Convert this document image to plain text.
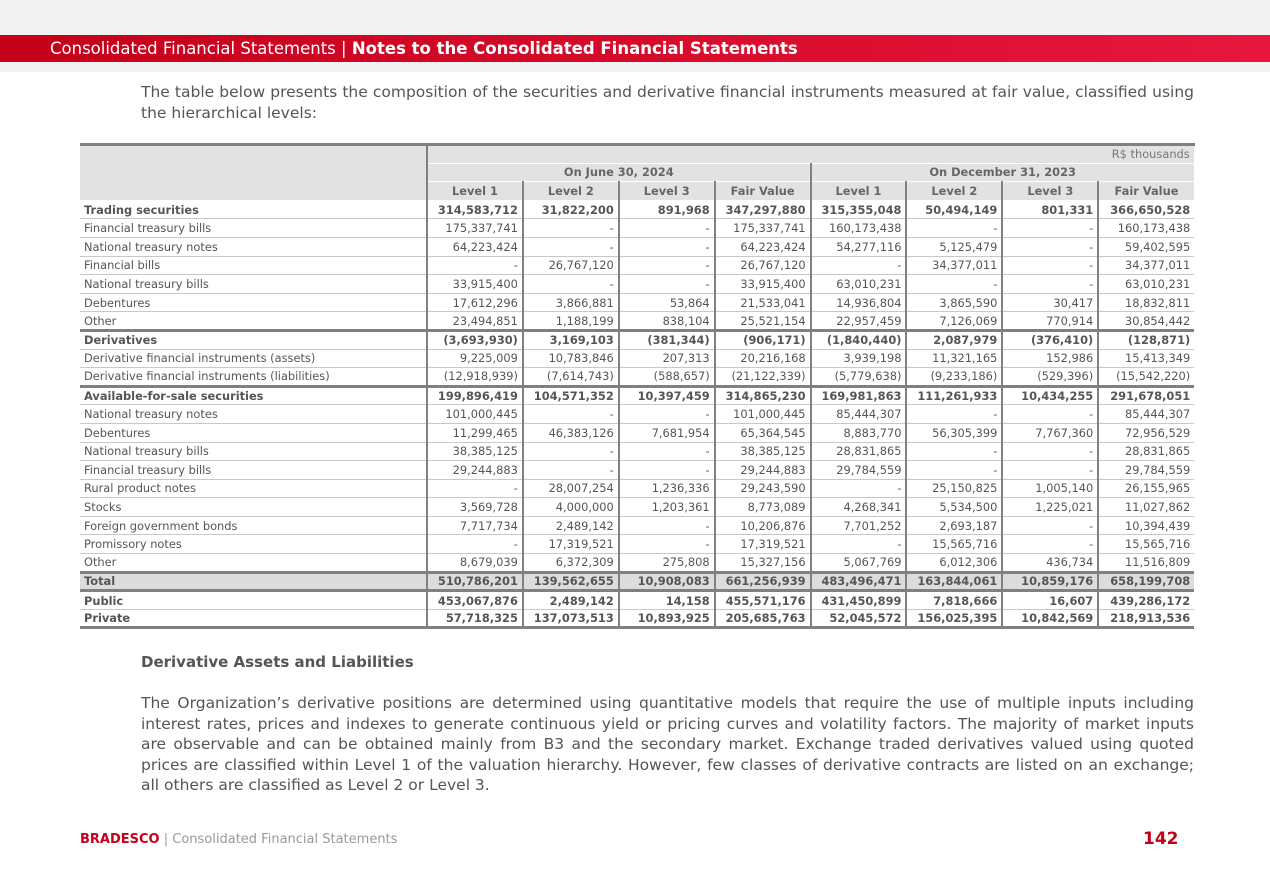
Consolidated Financial Statements | Notes to the Consolidated Financial Statements

The table below presents the composition of the securities and derivative financial instruments measured at fair value, classified using the hierarchical levels:

	R$ thousands							
	On June 30, 2024				On December 31, 2023			
	Level 1	Level 2	Level 3	Fair Value	Level 1	Level 2	Level 3	Fair Value
Trading securities	314,583,712	31,822,200	891,968	347,297,880	315,355,048	50,494,149	801,331	366,650,528
Financial treasury bills	175,337,741	-	-	175,337,741	160,173,438	-	-	160,173,438
National treasury notes	64,223,424	-	-	64,223,424	54,277,116	5,125,479	-	59,402,595
Financial bills	-	26,767,120	-	26,767,120	-	34,377,011	-	34,377,011
National treasury bills	33,915,400	-	-	33,915,400	63,010,231	-	-	63,010,231
Debentures	17,612,296	3,866,881	53,864	21,533,041	14,936,804	3,865,590	30,417	18,832,811
Other	23,494,851	1,188,199	838,104	25,521,154	22,957,459	7,126,069	770,914	30,854,442
Derivatives	(3,693,930)	3,169,103	(381,344)	(906,171)	(1,840,440)	2,087,979	(376,410)	(128,871)
Derivative financial instruments (assets)	9,225,009	10,783,846	207,313	20,216,168	3,939,198	11,321,165	152,986	15,413,349
Derivative financial instruments (liabilities)	(12,918,939)	(7,614,743)	(588,657)	(21,122,339)	(5,779,638)	(9,233,186)	(529,396)	(15,542,220)
Available-for-sale securities	199,896,419	104,571,352	10,397,459	314,865,230	169,981,863	111,261,933	10,434,255	291,678,051
National treasury notes	101,000,445	-	-	101,000,445	85,444,307	-	-	85,444,307
Debentures	11,299,465	46,383,126	7,681,954	65,364,545	8,883,770	56,305,399	7,767,360	72,956,529
National treasury bills	38,385,125	-	-	38,385,125	28,831,865	-	-	28,831,865
Financial treasury bills	29,244,883	-	-	29,244,883	29,784,559	-	-	29,784,559
Rural product notes	-	28,007,254	1,236,336	29,243,590	-	25,150,825	1,005,140	26,155,965
Stocks	3,569,728	4,000,000	1,203,361	8,773,089	4,268,341	5,534,500	1,225,021	11,027,862
Foreign government bonds	7,717,734	2,489,142	-	10,206,876	7,701,252	2,693,187	-	10,394,439
Promissory notes	-	17,319,521	-	17,319,521	-	15,565,716	-	15,565,716
Other	8,679,039	6,372,309	275,808	15,327,156	5,067,769	6,012,306	436,734	11,516,809
Total	510,786,201	139,562,655	10,908,083	661,256,939	483,496,471	163,844,061	10,859,176	658,199,708
Public	453,067,876	2,489,142	14,158	455,571,176	431,450,899	7,818,666	16,607	439,286,172
Private	57,718,325	137,073,513	10,893,925	205,685,763	52,045,572	156,025,395	10,842,569	218,913,536
Derivative Assets and Liabilities

The Organization’s derivative positions are determined using quantitative models that require the use of multiple inputs including interest rates, prices and indexes to generate continuous yield or pricing curves and volatility factors. The majority of market inputs are observable and can be obtained mainly from B3 and the secondary market. Exchange traded derivatives valued using quoted prices are classified within Level 1 of the valuation hierarchy. However, few classes of derivative contracts are listed on an exchange; all others are classified as Level 2 or Level 3.

BRADESCO | Consolidated Financial Statements	142
